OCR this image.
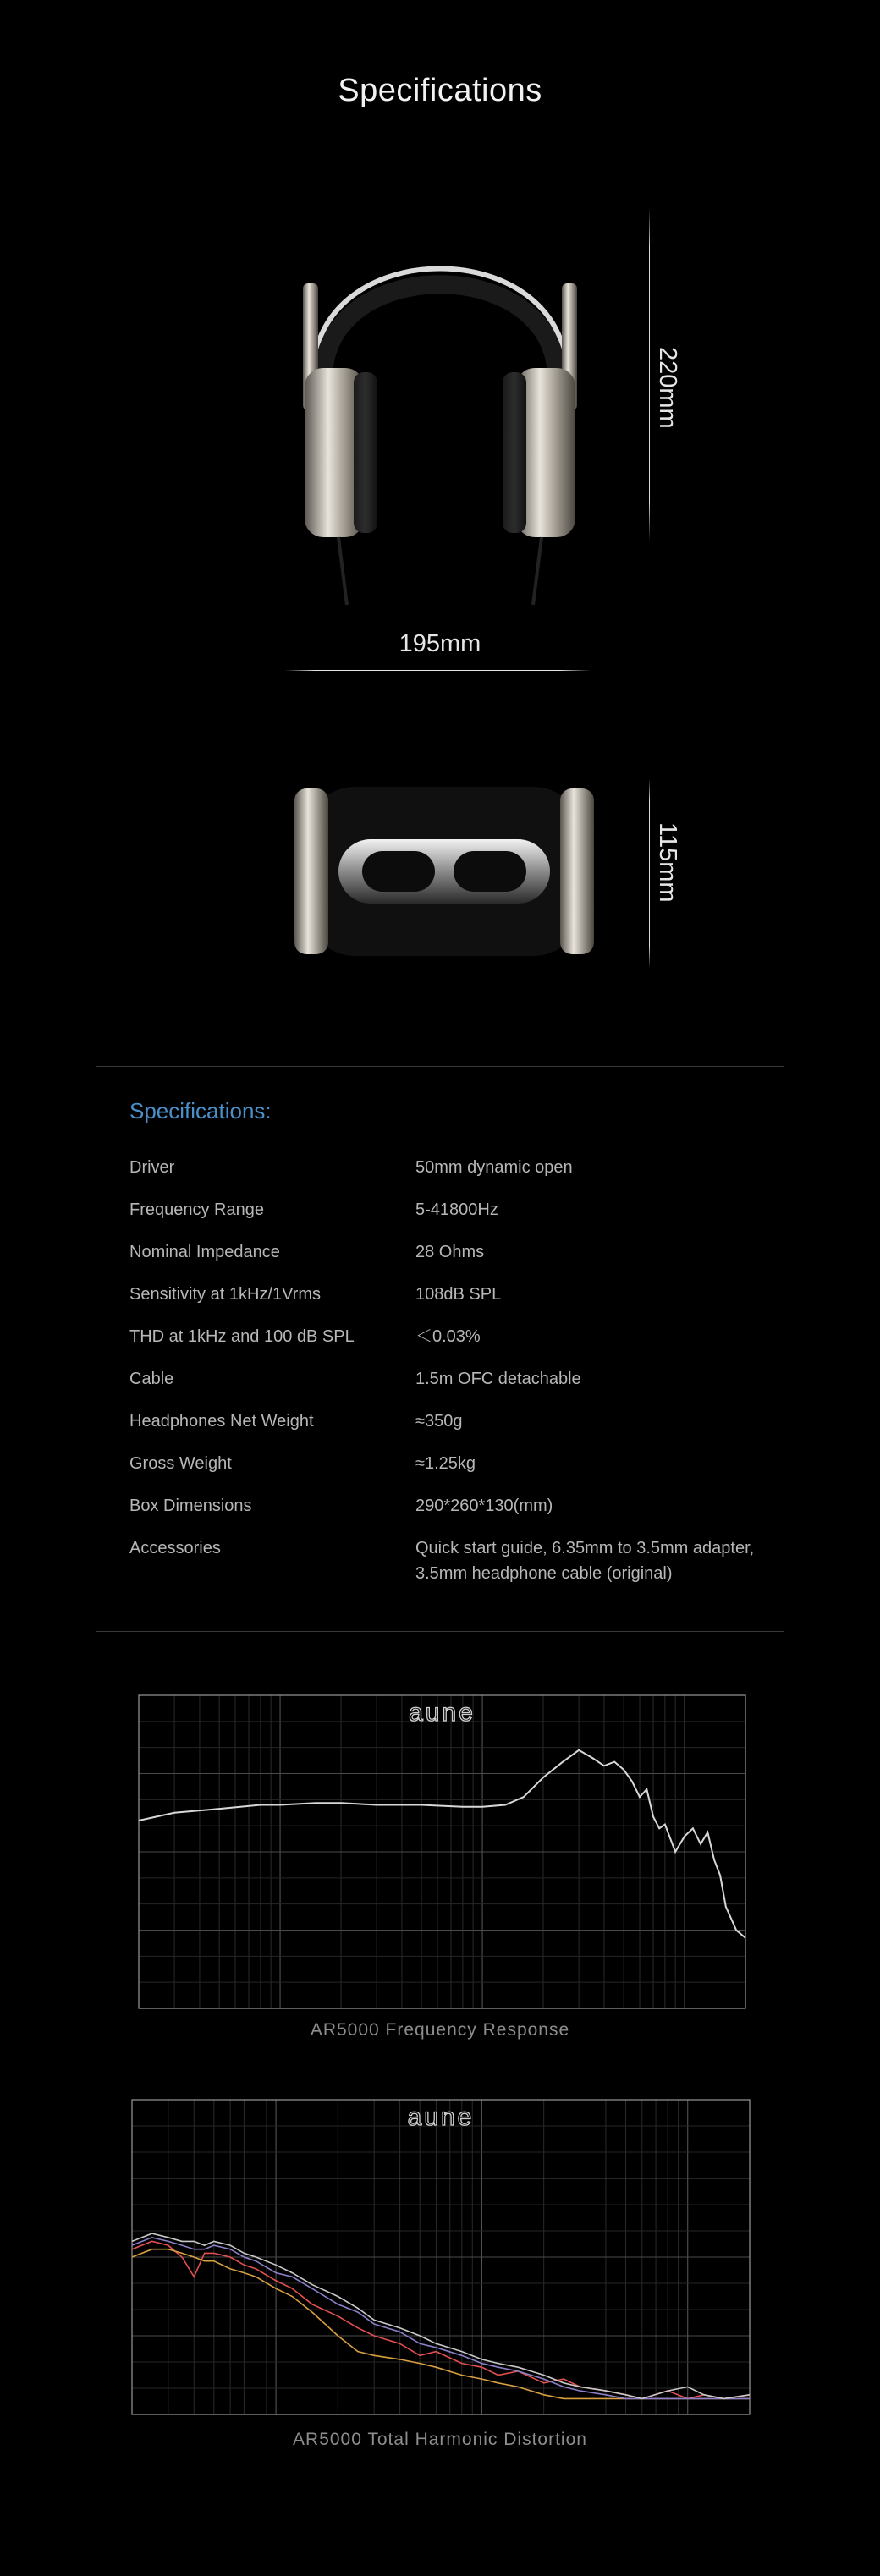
Specifications
220mm
195mm
115mm
Specifications:
Driver	50mm dynamic open
Frequency Range	5-41800Hz
Nominal Impedance	28 Ohms
Sensitivity at 1kHz/1Vrms	108dB SPL
THD at 1kHz and 100 dB SPL	＜0.03%
Cable	1.5m OFC detachable
Headphones Net Weight	≈350g
Gross Weight	≈1.25kg
Box Dimensions	290*260*130(mm)
Accessories	Quick start guide, 6.35mm to 3.5mm adapter,
3.5mm headphone cable (original)
aune
AR5000 Frequency Response
aune
AR5000 Total Harmonic Distortion
